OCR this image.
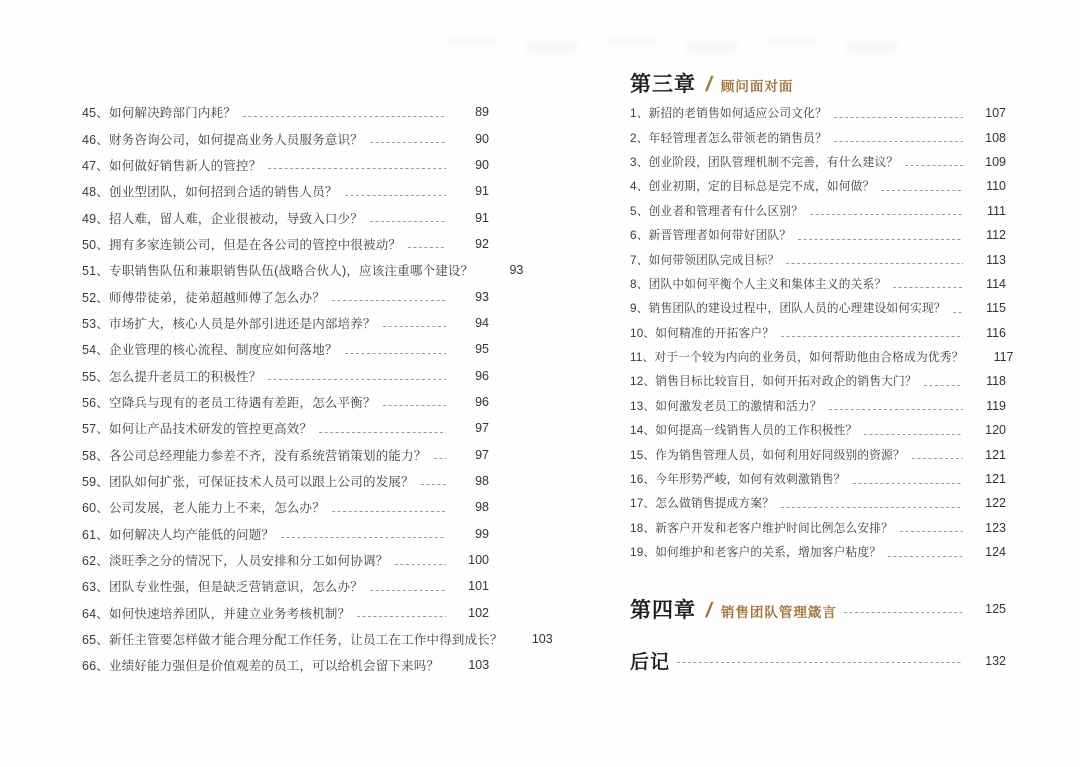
45、如何解决跨部门内耗？	89
46、财务咨询公司，如何提高业务人员服务意识？	90
47、如何做好销售新人的管控？	90
48、创业型团队，如何招到合适的销售人员？	91
49、招人难，留人难，企业很被动，导致入口少？	91
50、拥有多家连锁公司，但是在各公司的管控中很被动？	92
51、专职销售队伍和兼职销售队伍(战略合伙人)，应该注重哪个建设？	93
52、师傅带徒弟，徒弟超越师傅了怎么办？	93
53、市场扩大，核心人员是外部引进还是内部培养？	94
54、企业管理的核心流程、制度应如何落地？	95
55、怎么提升老员工的积极性？	96
56、空降兵与现有的老员工待遇有差距，怎么平衡？	96
57、如何让产品技术研发的管控更高效？	97
58、各公司总经理能力参差不齐，没有系统营销策划的能力？	97
59、团队如何扩张，可保证技术人员可以跟上公司的发展？	98
60、公司发展，老人能力上不来，怎么办？	98
61、如何解决人均产能低的问题？	99
62、淡旺季之分的情况下，人员安排和分工如何协调？	100
63、团队专业性强，但是缺乏营销意识，怎么办？	101
64、如何快速培养团队，并建立业务考核机制？	102
65、新任主管要怎样做才能合理分配工作任务，让员工在工作中得到成长？	103
66、业绩好能力强但是价值观差的员工，可以给机会留下来吗？	103
第三章 / 顾问面对面
1、新招的老销售如何适应公司文化？	107
2、年轻管理者怎么带领老的销售员？	108
3、创业阶段，团队管理机制不完善，有什么建议？	109
4、创业初期，定的目标总是完不成，如何做？	110
5、创业者和管理者有什么区别？	111
6、新晋管理者如何带好团队？	112
7、如何带领团队完成目标？	113
8、团队中如何平衡个人主义和集体主义的关系？	114
9、销售团队的建设过程中，团队人员的心理建设如何实现？	115
10、如何精准的开拓客户？	116
11、对于一个较为内向的业务员，如何帮助他由合格成为优秀？	117
12、销售目标比较盲目，如何开拓对政企的销售大门？	118
13、如何激发老员工的激情和活力？	119
14、如何提高一线销售人员的工作积极性？	120
15、作为销售管理人员，如何利用好同级别的资源？	121
16、今年形势严峻，如何有效刺激销售？	121
17、怎么做销售提成方案？	122
18、新客户开发和老客户维护时间比例怎么安排？	123
19、如何维护和老客户的关系，增加客户粘度？	124
第四章 / 销售团队管理箴言	125
后记	132
